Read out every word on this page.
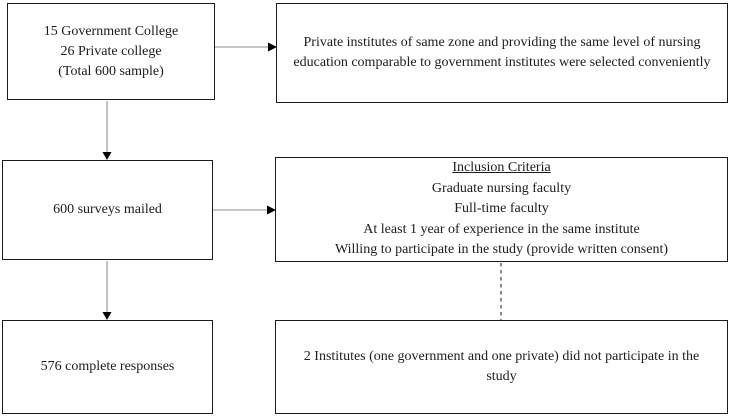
15 Government College
26 Private college
(Total 600 sample)
Private institutes of same zone and providing the same level of nursing education comparable to government institutes were selected conveniently
600 surveys mailed
Inclusion Criteria
Graduate nursing faculty
Full-time faculty
At least 1 year of experience in the same institute
Willing to participate in the study (provide written consent)
576 complete responses
2 Institutes (one government and one private) did not participate in the study
